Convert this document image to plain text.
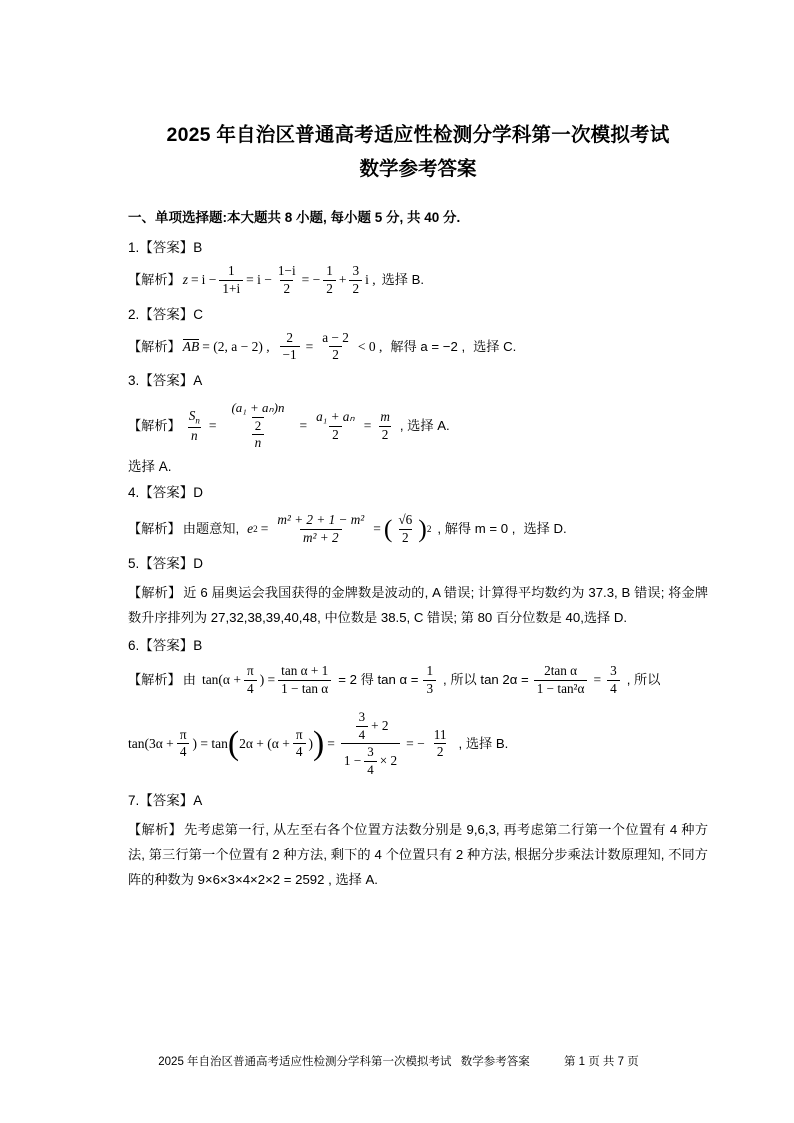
2025 年自治区普通高考适应性检测分学科第一次模拟考试
数学参考答案

一、单项选择题:本大题共 8 小题, 每小题 5 分, 共 40 分.

1.【答案】B

【解析】 $z = i - \frac{1}{1+i} = i - \frac{1-i}{2}$ = − $\frac{1}{2} + \frac{3}{2}$ i , 选择 B.

2.【答案】C

【解析】 AB = (2, a − 2) , $\frac{2}{-1} = \frac{a - 2}{2} < 0$ , 解得 a = −2 , 选择 C.

3.【答案】A

【解析】 $\frac{S_n}{n} = \frac{\frac{\text{(a₁ + aₙ)n}}{2}}{n} = \frac{\text{a₁ + aₙ}}{2} = \frac{m}{2}$ , 选择 A.

选择 A.

4.【答案】D

【解析】 由题意知, e $2 = \frac{\text{m² + 2 + 1 − m²}}{\text{m² + 2}}$ = ( $\frac{√6}{2}$ ) 2 , 解得 m = 0 , 选择 D.

5.【答案】D

【解析】 近 6 届奥运会我国获得的金牌数是波动的, A 错误; 计算得平均数约为 37.3, B 错误; 将金牌数升序排列为 27,32,38,39,40,48, 中位数是 38.5, C 错误; 第 80 百分位数是 40,选择 D.

6.【答案】B

【解析】 由 $\tan(\alpha + \frac{\pi}{4}$ ) = $\frac{\text{tan α + 1}}{\text{1 − tan α}} = 2$ 得 $\tan \alpha = \frac{1}{3}$ , 所以 $\tan 2\alpha = \frac{\text{2tan α}}{\text{1 − tan²α}} = \frac{3}{4}$ , 所以
$\tan(3\alpha + \frac{\pi}{4}$ ) = tan ( $2\alpha + (\alpha + \frac{\pi}{4}$ ) ) =
$\frac{3}{4} + 2$
$1 - \frac{3}{4} \times 2$
= − $\frac{11}{2}$ , 选择 B.

7.【答案】A

【解析】 先考虑第一行, 从左至右各个位置方法数分别是 9,6,3, 再考虑第二行第一个位置有 4 种方法, 第三行第一个位置有 2 种方法, 剩下的 4 个位置只有 2 种方法, 根据分步乘法计数原理知, 不同方阵的种数为 9×6×3×4×2×2 = 2592 , 选择 A.

2025 年自治区普通高考适应性检测分学科第一次模拟考试 数学参考答案	第 1 页 共 7 页
